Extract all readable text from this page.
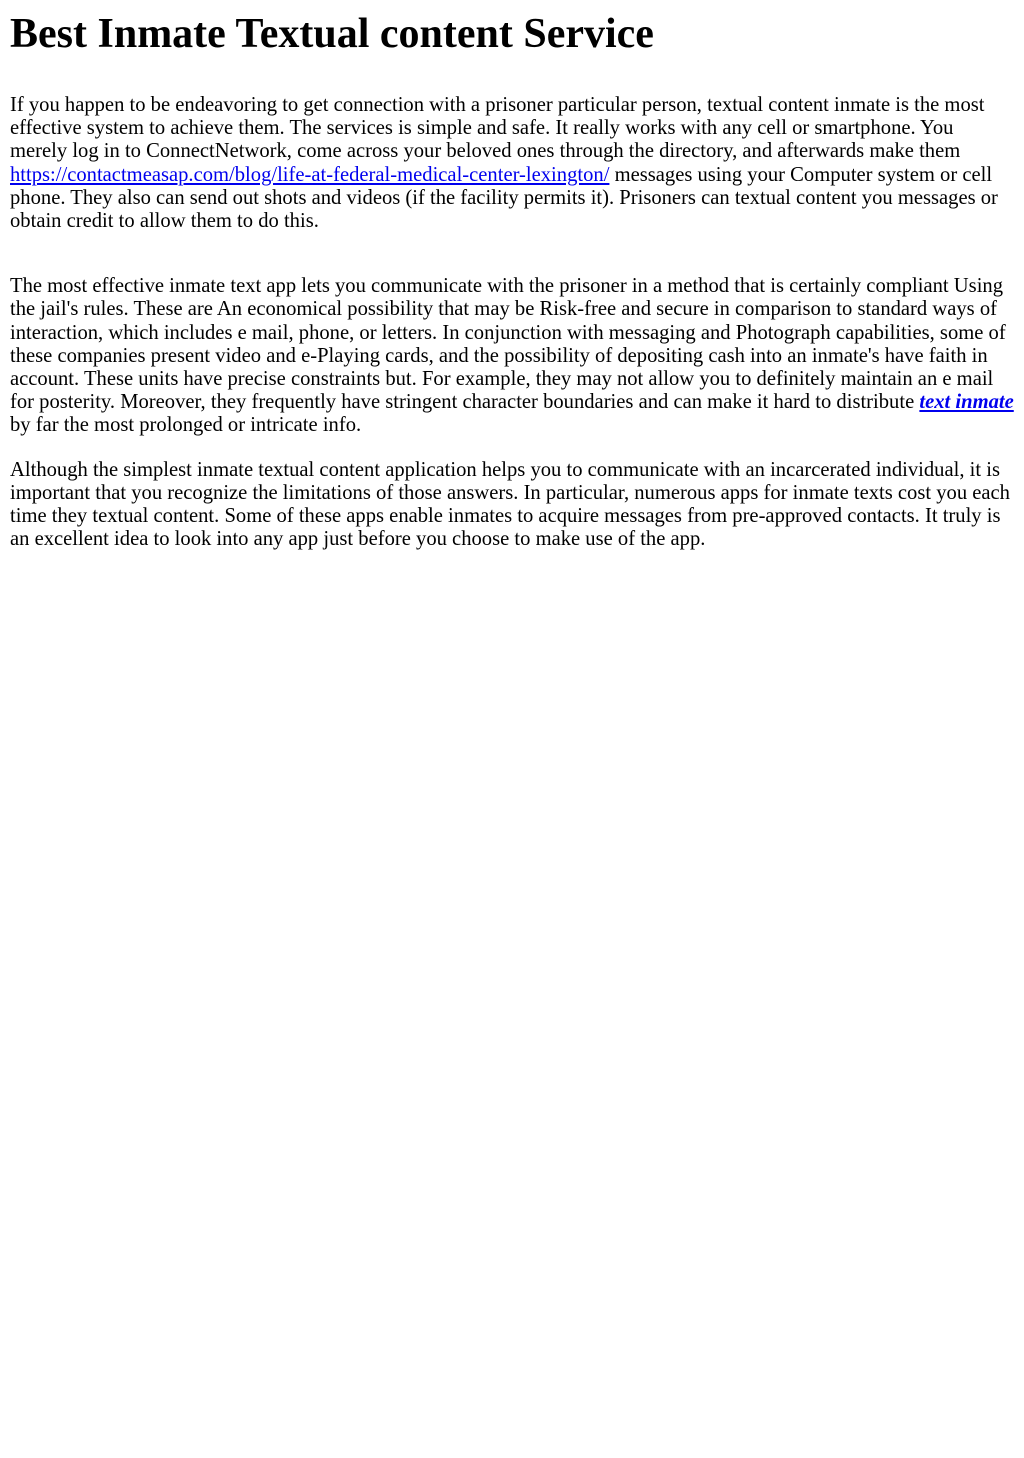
Best Inmate Textual content Service

If you happen to be endeavoring to get connection with a prisoner particular person, textual content inmate is the most effective system to achieve them. The services is simple and safe. It really works with any cell or smartphone. You merely log in to ConnectNetwork, come across your beloved ones through the directory, and afterwards make them https://contactmeasap.com/blog/life-at-federal-medical-center-lexington/ messages using your Computer system or cell phone. They also can send out shots and videos (if the facility permits it). Prisoners can textual content you messages or obtain credit to allow them to do this.

The most effective inmate text app lets you communicate with the prisoner in a method that is certainly compliant Using the jail's rules. These are An economical possibility that may be Risk-free and secure in comparison to standard ways of interaction, which includes e mail, phone, or letters. In conjunction with messaging and Photograph capabilities, some of these companies present video and e-Playing cards, and the possibility of depositing cash into an inmate's have faith in account. These units have precise constraints but. For example, they may not allow you to definitely maintain an e mail for posterity. Moreover, they frequently have stringent character boundaries and can make it hard to distribute text inmate by far the most prolonged or intricate info.

Although the simplest inmate textual content application helps you to communicate with an incarcerated individual, it is important that you recognize the limitations of those answers. In particular, numerous apps for inmate texts cost you each time they textual content. Some of these apps enable inmates to acquire messages from pre-approved contacts. It truly is an excellent idea to look into any app just before you choose to make use of the app.
